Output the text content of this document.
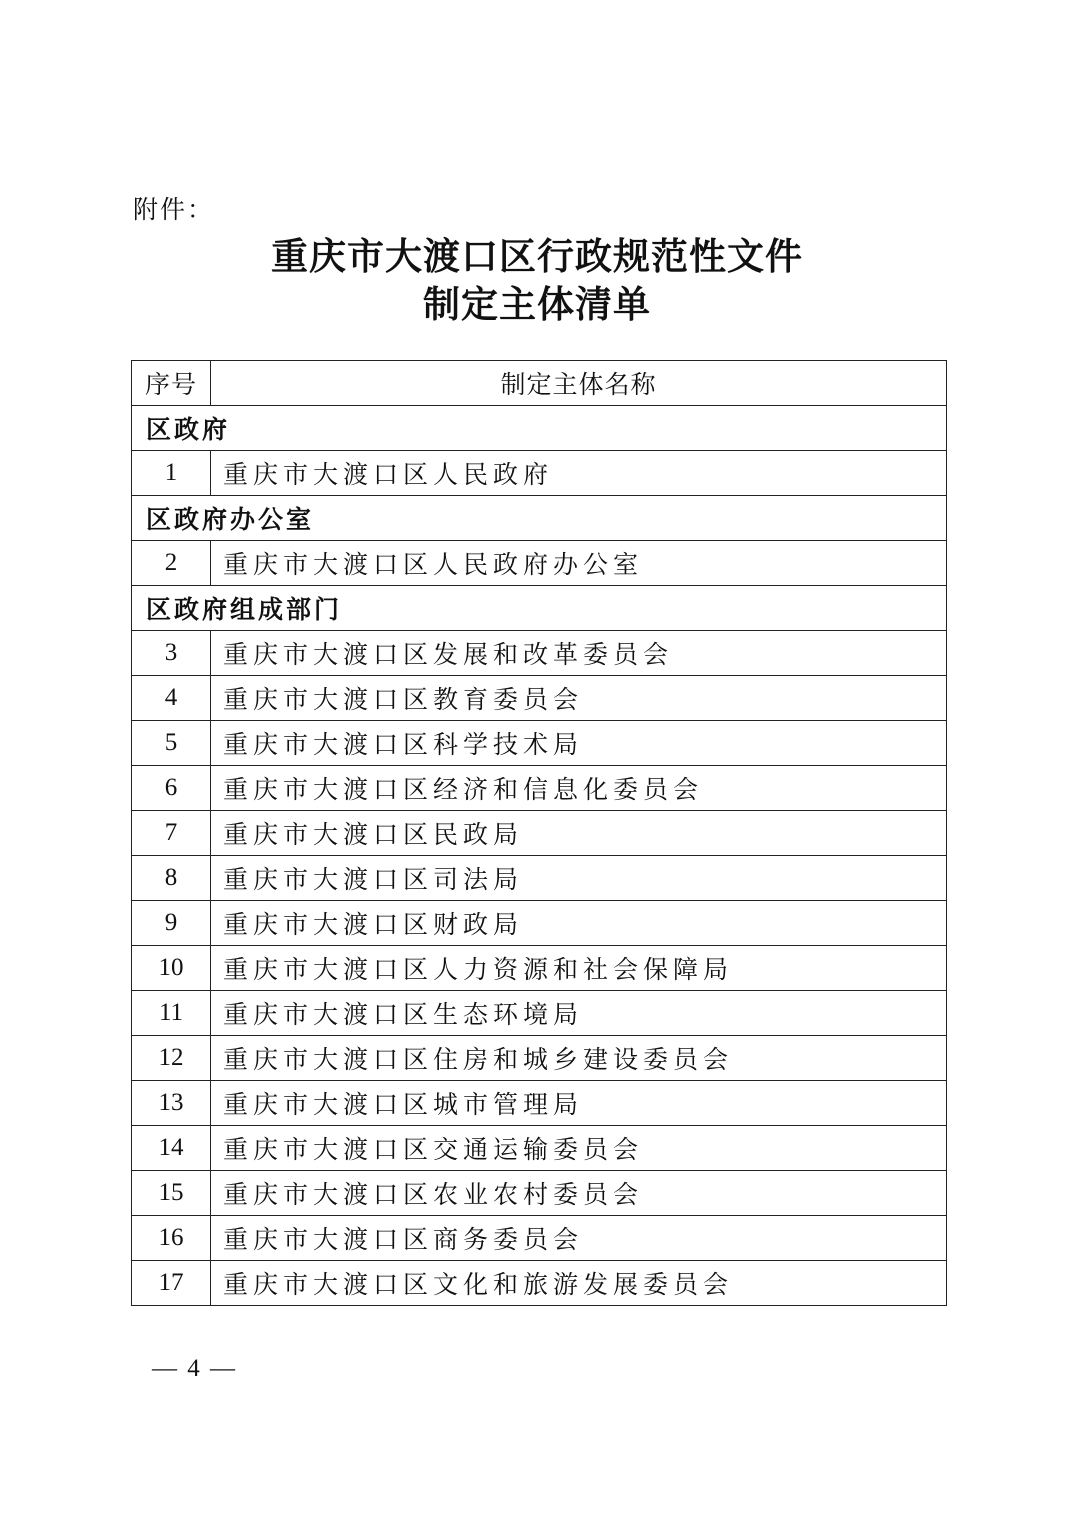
附件：
重庆市大渡口区行政规范性文件
制定主体清单
序号	制定主体名称
区政府	
1	重庆市大渡口区人民政府
区政府办公室	
2	重庆市大渡口区人民政府办公室
区政府组成部门	
3	重庆市大渡口区发展和改革委员会
4	重庆市大渡口区教育委员会
5	重庆市大渡口区科学技术局
6	重庆市大渡口区经济和信息化委员会
7	重庆市大渡口区民政局
8	重庆市大渡口区司法局
9	重庆市大渡口区财政局
10	重庆市大渡口区人力资源和社会保障局
11	重庆市大渡口区生态环境局
12	重庆市大渡口区住房和城乡建设委员会
13	重庆市大渡口区城市管理局
14	重庆市大渡口区交通运输委员会
15	重庆市大渡口区农业农村委员会
16	重庆市大渡口区商务委员会
17	重庆市大渡口区文化和旅游发展委员会
— 4 —
